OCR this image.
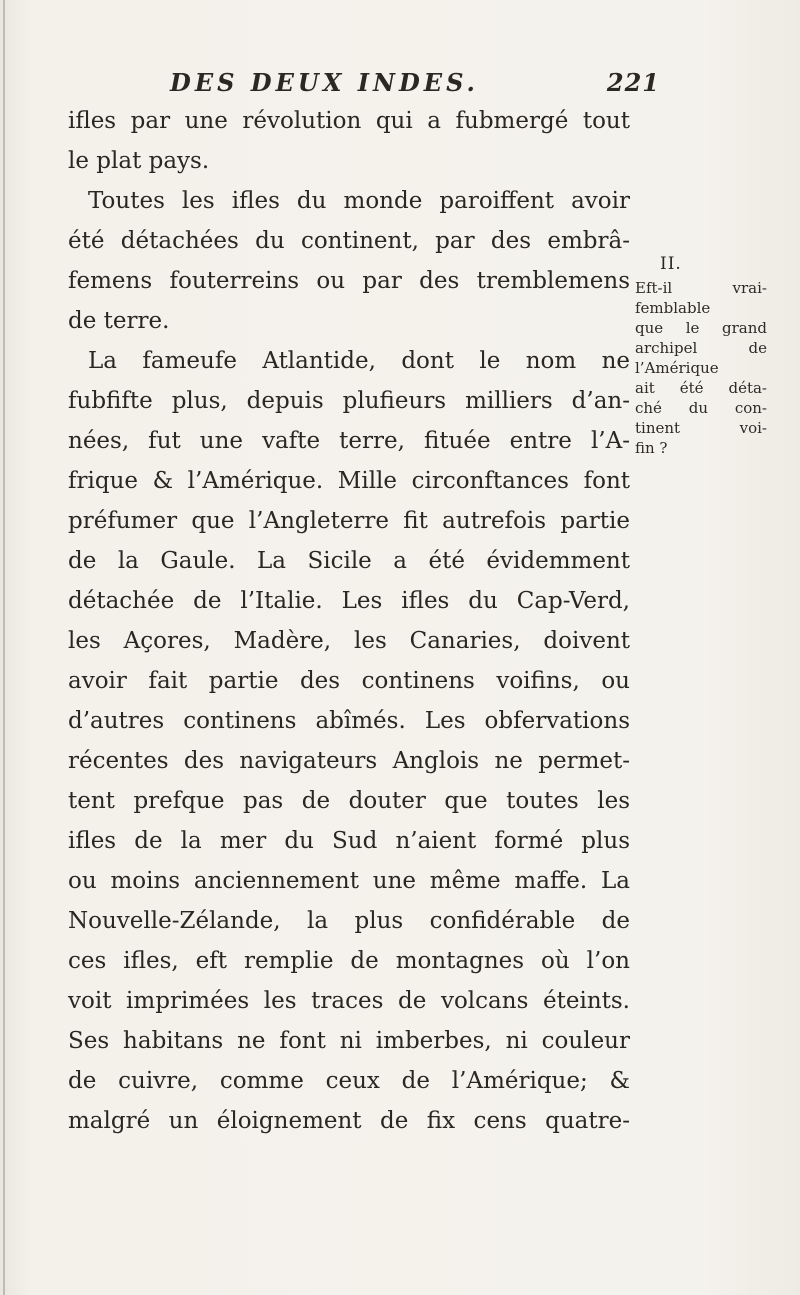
DES DEUX INDES.	221
ifles par une révolution qui a fubmergé tout
le plat pays.
Toutes les ifles du monde paroiffent avoir
été détachées du continent, par des embrâ-
femens fouterreins ou par des tremblemens
de terre.
La fameufe Atlantide, dont le nom ne
fubfifte plus, depuis plufieurs milliers d’an-
nées, fut une vafte terre, fituée entre l’A-
frique & l’Amérique. Mille circonftances font
préfumer que l’Angleterre fit autrefois partie
de la Gaule. La Sicile a été évidemment
détachée de l’Italie. Les ifles du Cap-Verd,
les Açores, Madère, les Canaries, doivent
avoir fait partie des continens voifins, ou
d’autres continens abîmés. Les obfervations
récentes des navigateurs Anglois ne permet-
tent prefque pas de douter que toutes les
ifles de la mer du Sud n’aient formé plus
ou moins anciennement une même maffe. La
Nouvelle-Zélande, la plus confidérable de
ces ifles, eft remplie de montagnes où l’on
voit imprimées les traces de volcans éteints.
Ses habitans ne font ni imberbes, ni couleur
de cuivre, comme ceux de l’Amérique; &
malgré un éloignement de fix cens quatre-
II.
Eft-il vrai-
femblable
que le grand
archipel de
l’Amérique
ait été déta-
ché du con-
tinent voi-
fin ?
